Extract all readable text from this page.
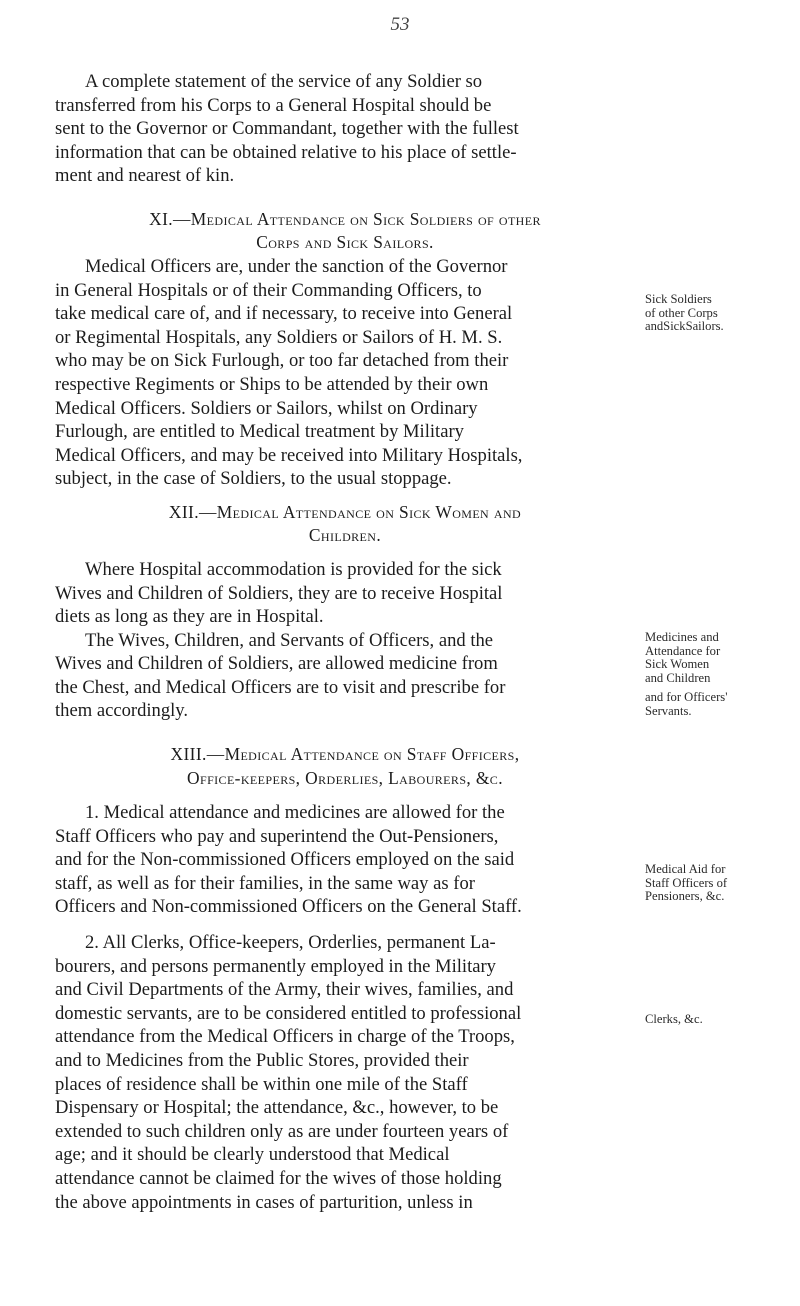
53

A complete statement of the service of any Soldier so

transferred from his Corps to a General Hospital should be

sent to the Governor or Commandant, together with the fullest

information that can be obtained relative to his place of settle-

ment and nearest of kin.

XI.—Medical Attendance on Sick Soldiers of other

Corps and Sick Sailors.

Medical Officers are, under the sanction of the Governor

in General Hospitals or of their Commanding Officers, to

take medical care of, and if necessary, to receive into General

or Regimental Hospitals, any Soldiers or Sailors of H. M. S.

who may be on Sick Furlough, or too far detached from their

respective Regiments or Ships to be attended by their own

Medical Officers. Soldiers or Sailors, whilst on Ordinary

Furlough, are entitled to Medical treatment by Military

Medical Officers, and may be received into Military Hospitals,

subject, in the case of Soldiers, to the usual stoppage.

XII.—Medical Attendance on Sick Women and

Children.

Where Hospital accommodation is provided for the sick

Wives and Children of Soldiers, they are to receive Hospital

diets as long as they are in Hospital.

The Wives, Children, and Servants of Officers, and the

Wives and Children of Soldiers, are allowed medicine from

the Chest, and Medical Officers are to visit and prescribe for

them accordingly.

XIII.—Medical Attendance on Staff Officers,

Office-keepers, Orderlies, Labourers, &c.

1. Medical attendance and medicines are allowed for the

Staff Officers who pay and superintend the Out-Pensioners,

and for the Non-commissioned Officers employed on the said

staff, as well as for their families, in the same way as for

Officers and Non-commissioned Officers on the General Staff.

2. All Clerks, Office-keepers, Orderlies, permanent La-

bourers, and persons permanently employed in the Military

and Civil Departments of the Army, their wives, families, and

domestic servants, are to be considered entitled to professional

attendance from the Medical Officers in charge of the Troops,

and to Medicines from the Public Stores, provided their

places of residence shall be within one mile of the Staff

Dispensary or Hospital; the attendance, &c., however, to be

extended to such children only as are under fourteen years of

age; and it should be clearly understood that Medical

attendance cannot be claimed for the wives of those holding

the above appointments in cases of parturition, unless in

Sick Soldiers
of other Corps
andSickSailors.
Medicines and
Attendance for
Sick Women
and Children
and for Officers'
Servants.
Medical Aid for
Staff Officers of
Pensioners, &c.
Clerks, &c.
